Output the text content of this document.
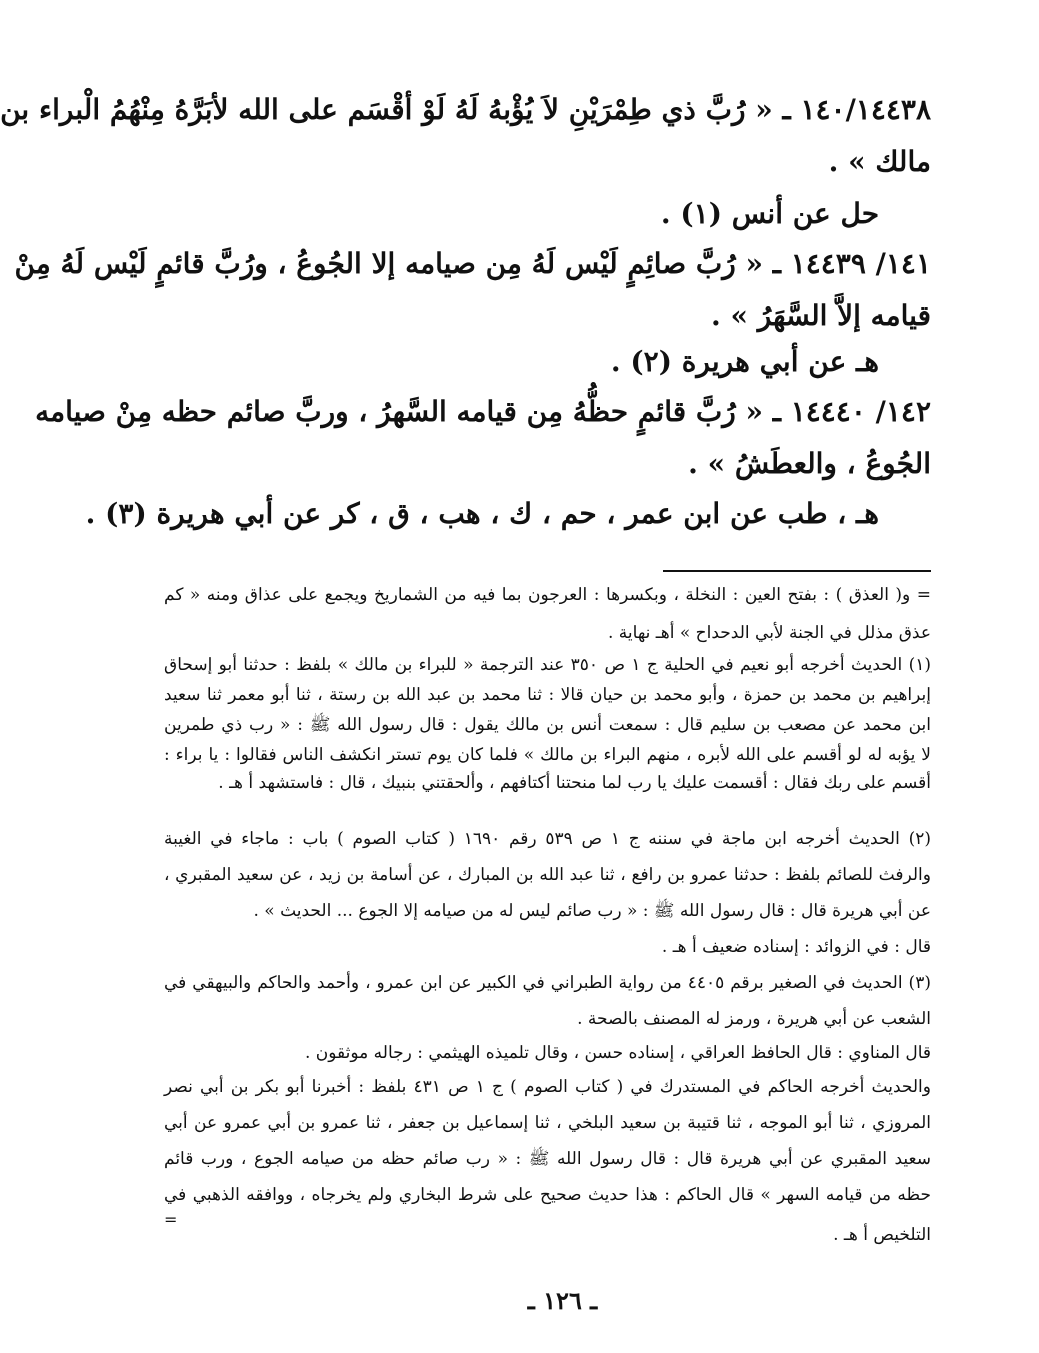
١٤٠/١٤٤٣٨ ـ « رُبَّ ذي طِمْرَيْنِ لاَ يُؤْبهُ لَهُ لَوْ أقْسَم على الله لأبَرَّهُ مِنْهُمُ الْبراء بن
مالك » .
حل عن أنس (١) .
١٤١/ ١٤٤٣٩ ـ « رُبَّ صائِمٍ لَيْس لَهُ مِن صيامه إلا الجُوعُ ، ورُبَّ قائمٍ لَيْس لَهُ مِنْ
قيامه إلاَّ السَّهَرُ » .
هـ عن أبي هريرة (٢) .
١٤٢/ ١٤٤٤٠ ـ « رُبَّ قائمٍ حظُّهُ مِن قيامه السَّهرُ ، وربَّ صائم حظه مِنْ صيامه
الجُوعُ ، والعطَشُ » .
هـ ، طب عن ابن عمر ، حم ، ك ، هب ، ق ، كر عن أبي هريرة (٣) .
= و( العذق ) : بفتح العين : النخلة ، وبكسرها : العرجون بما فيه من الشماريخ ويجمع على عذاق ومنه « كم
عذق مذلل في الجنة لأبي الدحداح » أهـ نهاية .
(١) الحديث أخرجه أبو نعيم في الحلية ج ١ ص ٣٥٠ عند الترجمة « للبراء بن مالك » بلفظ : حدثنا أبو إسحاق
إبراهيم بن محمد بن حمزة ، وأبو محمد بن حيان قالا : ثنا محمد بن عبد الله بن رستة ، ثنا أبو معمر ثنا سعيد
ابن محمد عن مصعب بن سليم قال : سمعت أنس بن مالك يقول : قال رسول الله ﷺ : « رب ذي طمرين
لا يؤبه له لو أقسم على الله لأبره ، منهم البراء بن مالك » فلما كان يوم تستر انكشف الناس فقالوا : يا براء :
أقسم على ربك فقال : أقسمت عليك يا رب لما منحتنا أكتافهم ، وألحقتني بنبيك ، قال : فاستشهد أ هـ .
(٢) الحديث أخرجه ابن ماجة في سننه ج ١ ص ٥٣٩ رقم ١٦٩٠ ( كتاب الصوم ) باب : ماجاء في الغيبة
والرفث للصائم بلفظ : حدثنا عمرو بن رافع ، ثنا عبد الله بن المبارك ، عن أسامة بن زيد ، عن سعيد المقبري ،
عن أبي هريرة قال : قال رسول الله ﷺ : « رب صائم ليس له من صيامه إلا الجوع ... الحديث » .
قال : في الزوائد : إسناده ضعيف أ هـ .
(٣) الحديث في الصغير برقم ٤٤٠٥ من رواية الطبراني في الكبير عن ابن عمرو ، وأحمد والحاكم والبيهقي في
الشعب عن أبي هريرة ، ورمز له المصنف بالصحة .
قال المناوي : قال الحافظ العراقي ، إسناده حسن ، وقال تلميذه الهيثمي : رجاله موثقون .
والحديث أخرجه الحاكم في المستدرك في ( كتاب الصوم ) ج ١ ص ٤٣١ بلفظ : أخبرنا أبو بكر بن أبي نصر
المروزي ، ثنا أبو الموجه ، ثنا قتيبة بن سعيد البلخي ، ثنا إسماعيل بن جعفر ، ثنا عمرو بن أبي عمرو عن أبي
سعيد المقبري عن أبي هريرة قال : قال رسول الله ﷺ : « رب صائم حظه من صيامه الجوع ، ورب قائم
حظه من قيامه السهر » قال الحاكم : هذا حديث صحيح على شرط البخاري ولم يخرجاه ، ووافقه الذهبي في
التلخيص أ هـ .
=
ـ ١٢٦ ـ
